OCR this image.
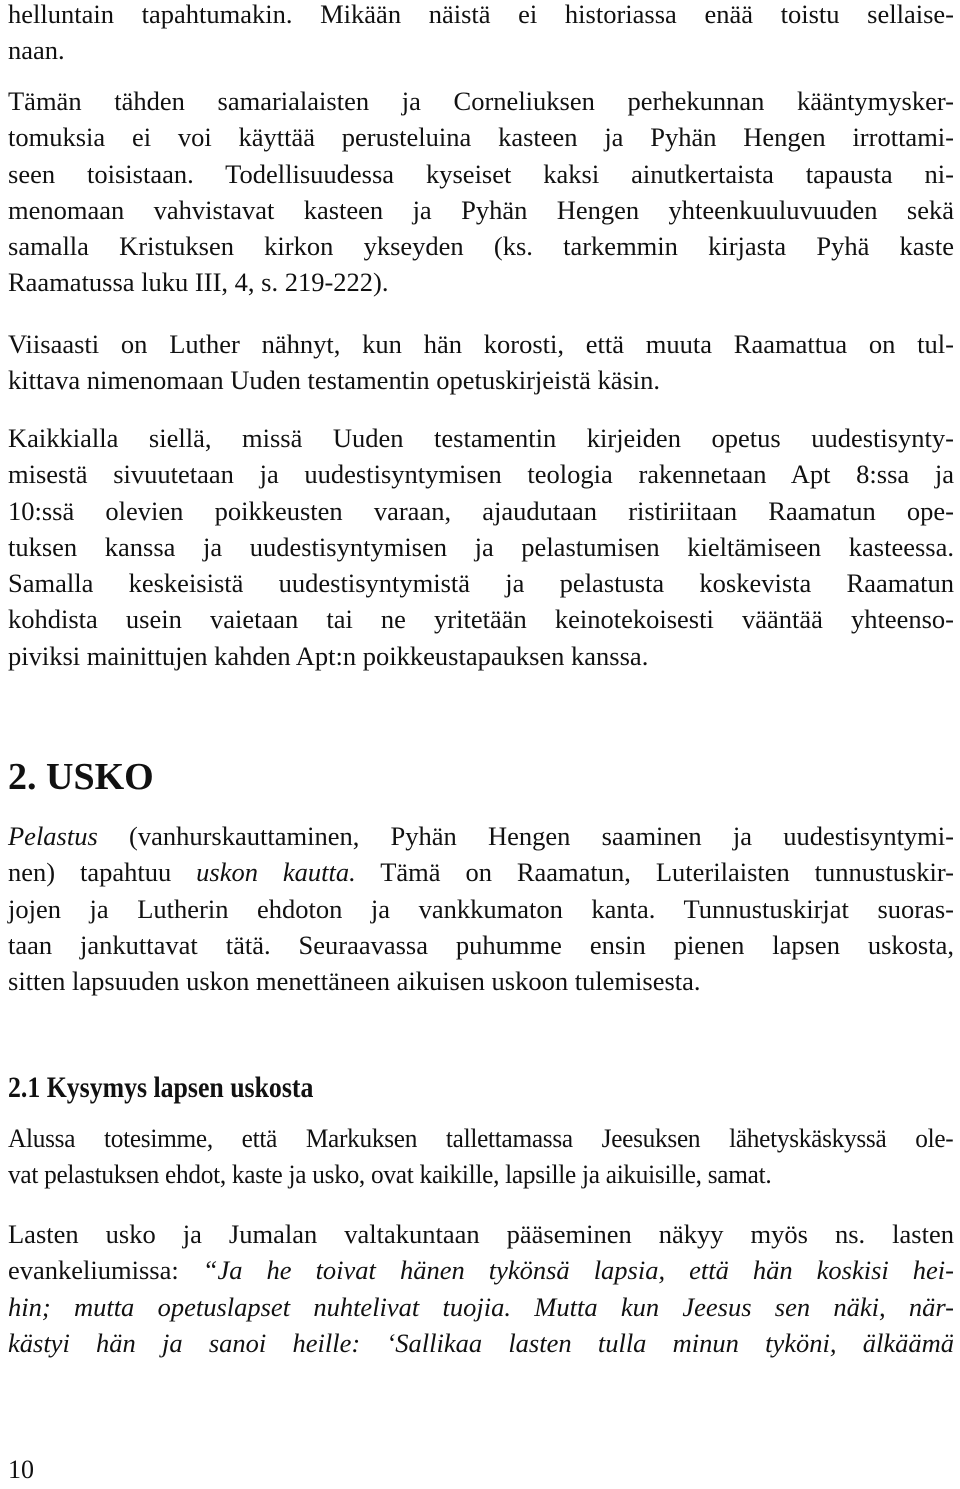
helluntain tapahtumakin. Mikään näistä ei historiassa enää toistu sellaise-
naan.
Tämän tähden samarialaisten ja Corneliuksen perhekunnan kääntymysker-
tomuksia ei voi käyttää perusteluina kasteen ja Pyhän Hengen irrottami-
seen toisistaan. Todellisuudessa kyseiset kaksi ainutkertaista tapausta ni-
menomaan vahvistavat kasteen ja Pyhän Hengen yhteenkuuluvuuden sekä
samalla Kristuksen kirkon ykseyden (ks. tarkemmin kirjasta Pyhä kaste
Raamatussa luku III, 4, s. 219-222).
Viisaasti on Luther nähnyt, kun hän korosti, että muuta Raamattua on tul-
kittava nimenomaan Uuden testamentin opetuskirjeistä käsin.
Kaikkialla siellä, missä Uuden testamentin kirjeiden opetus uudestisynty-
misestä sivuutetaan ja uudestisyntymisen teologia rakennetaan Apt 8:ssa ja
10:ssä olevien poikkeusten varaan, ajaudutaan ristiriitaan Raamatun ope-
tuksen kanssa ja uudestisyntymisen ja pelastumisen kieltämiseen kasteessa.
Samalla keskeisistä uudestisyntymistä ja pelastusta koskevista Raamatun
kohdista usein vaietaan tai ne yritetään keinotekoisesti vääntää yhteenso-
piviksi mainittujen kahden Apt:n poikkeustapauksen kanssa.
2. USKO
Pelastus (vanhurskauttaminen, Pyhän Hengen saaminen ja uudestisyntymi-
nen) tapahtuu uskon kautta. Tämä on Raamatun, Luterilaisten tunnustuskir-
jojen ja Lutherin ehdoton ja vankkumaton kanta. Tunnustuskirjat suoras-
taan jankuttavat tätä. Seuraavassa puhumme ensin pienen lapsen uskosta,
sitten lapsuuden uskon menettäneen aikuisen uskoon tulemisesta.
2.1 Kysymys lapsen uskosta
Alussa totesimme, että Markuksen tallettamassa Jeesuksen lähetyskäskyssä ole-
vat pelastuksen ehdot, kaste ja usko, ovat kaikille, lapsille ja aikuisille, samat.
Lasten usko ja Jumalan valtakuntaan pääseminen näkyy myös ns. lasten
evankeliumissa: “Ja he toivat hänen tykönsä lapsia, että hän koskisi hei-
hin; mutta opetuslapset nuhtelivat tuojia. Mutta kun Jeesus sen näki, när-
kästyi hän ja sanoi heille: ‘Sallikaa lasten tulla minun tyköni, älkäämä
10
